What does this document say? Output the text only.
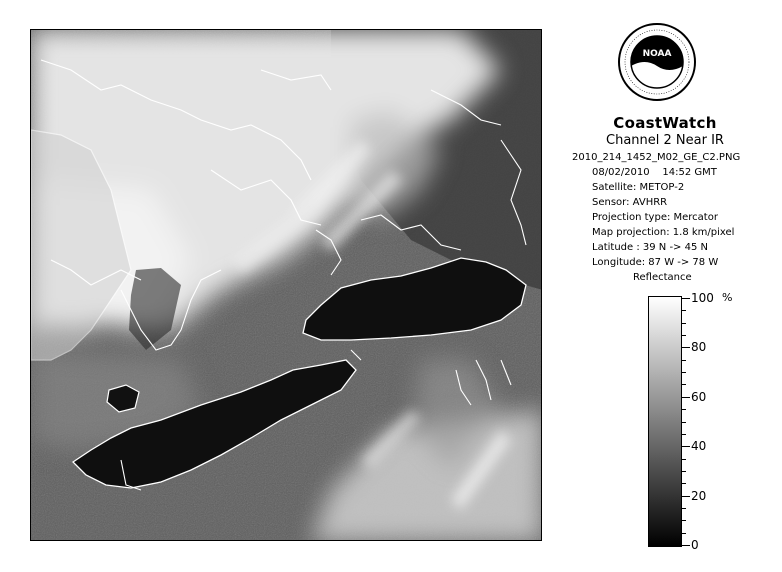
NOAA
CoastWatch
Channel 2 Near IR
2010_214_1452_M02_GE_C2.PNG
08/02/2010 14:52 GMT
Satellite: METOP-2
Sensor: AVHRR
Projection type: Mercator
Map projection: 1.8 km/pixel
Latitude : 39 N -> 45 N
Longitude: 87 W -> 78 W
Reflectance
%
100
80
60
40
20
0
